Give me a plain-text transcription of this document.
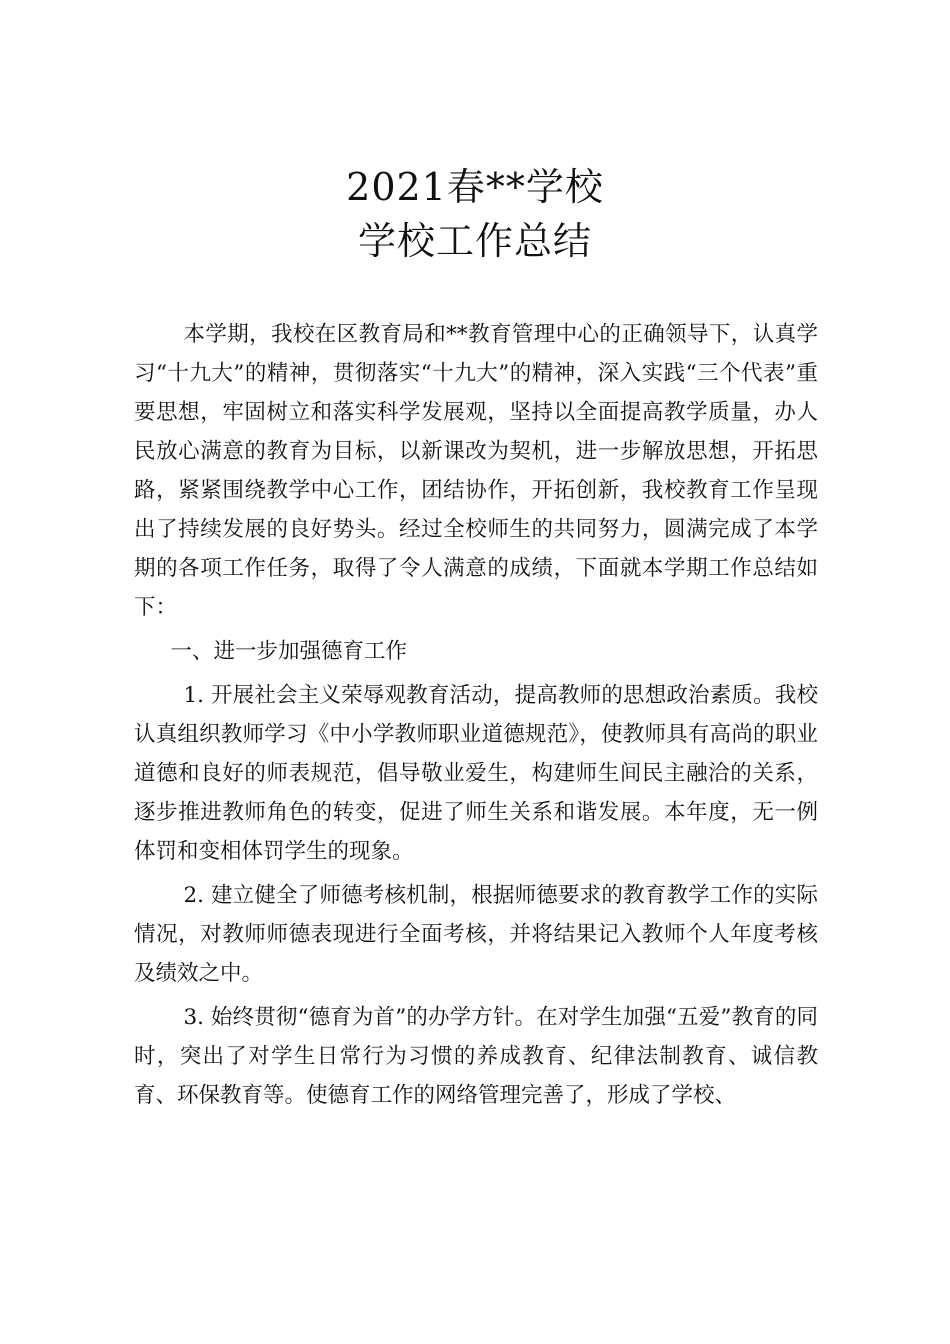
2021春**学校
学校工作总结

本学期，我校在区教育局和**教育管理中心的正确领导下，认真学习“十九大”的精神，贯彻落实“十九大”的精神，深入实践“三个代表”重要思想，牢固树立和落实科学发展观，坚持以全面提高教学质量，办人民放心满意的教育为目标，以新课改为契机，进一步解放思想，开拓思路，紧紧围绕教学中心工作，团结协作，开拓创新，我校教育工作呈现出了持续发展的良好势头。经过全校师生的共同努力，圆满完成了本学期的各项工作任务，取得了令人满意的成绩，下面就本学期工作总结如下：

一、进一步加强德育工作

1. 开展社会主义荣辱观教育活动，提高教师的思想政治素质。我校认真组织教师学习《中小学教师职业道德规范》，使教师具有高尚的职业道德和良好的师表规范，倡导敬业爱生，构建师生间民主融洽的关系，逐步推进教师角色的转变，促进了师生关系和谐发展。本年度，无一例体罚和变相体罚学生的现象。

2. 建立健全了师德考核机制，根据师德要求的教育教学工作的实际情况，对教师师德表现进行全面考核，并将结果记入教师个人年度考核及绩效之中。

3. 始终贯彻“德育为首”的办学方针。在对学生加强“五爱”教育的同时，突出了对学生日常行为习惯的养成教育、纪律法制教育、诚信教育、环保教育等。使德育工作的网络管理完善了，形成了学校、
